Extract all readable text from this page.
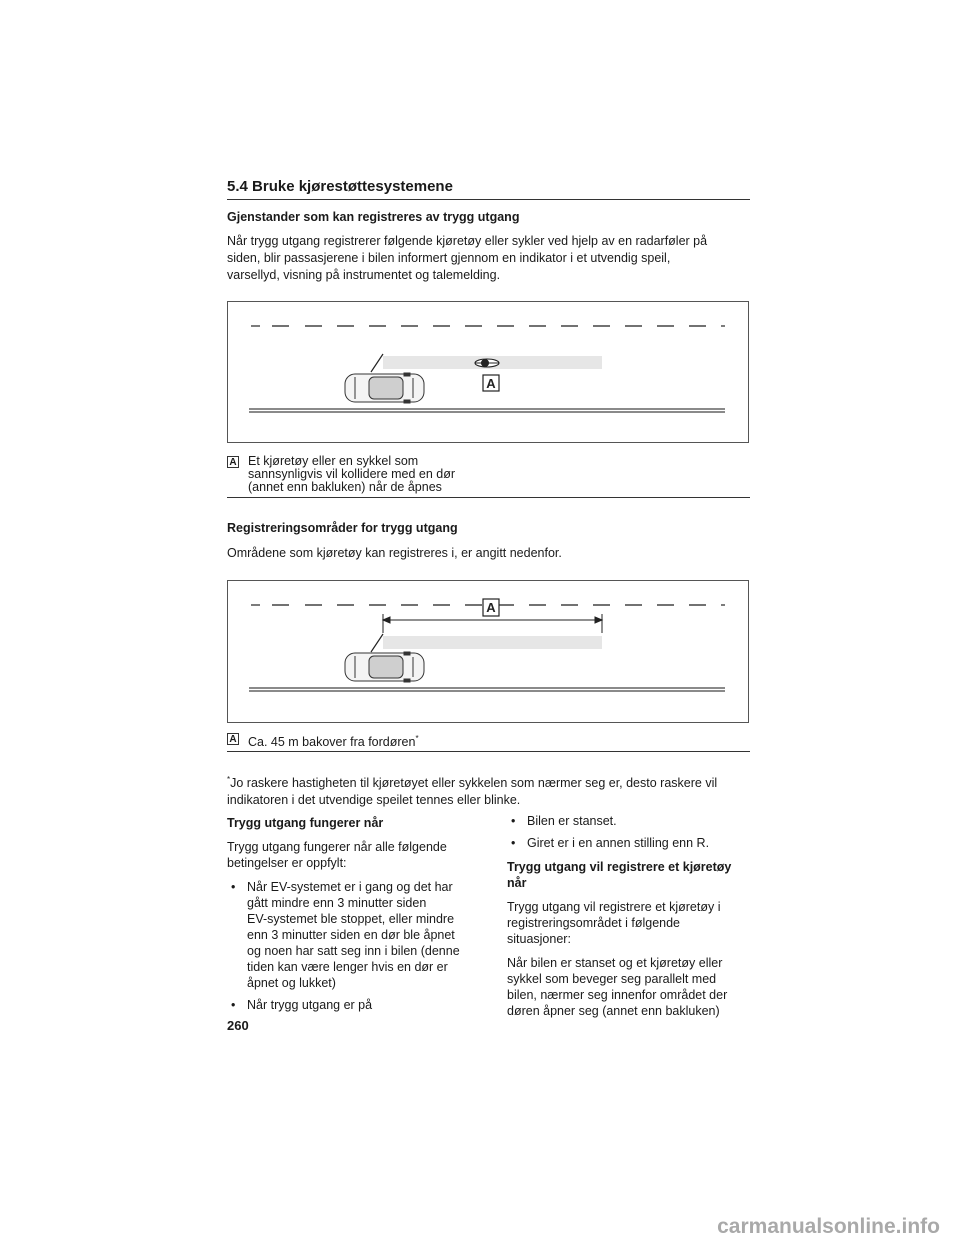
5.4 Bruke kjørestøttesystemene
Gjenstander som kan registreres av trygg utgang
Når trygg utgang registrerer følgende kjøretøy eller sykler ved hjelp av en radarføler på
siden, blir passasjerene i bilen informert gjennom en indikator i et utvendig speil,
varsellyd, visning på instrumentet og talemelding.
A
A Et kjøretøy eller en sykkel som
sannsynligvis vil kollidere med en dør
(annet enn bakluken) når de åpnes
Registreringsområder for trygg utgang
Områdene som kjøretøy kan registreres i, er angitt nedenfor.
A
A Ca. 45 m bakover fra fordøren*
*Jo raskere hastigheten til kjøretøyet eller sykkelen som nærmer seg er, desto raskere vil
indikatoren i det utvendige speilet tennes eller blinke.
Trygg utgang fungerer når
Trygg utgang fungerer når alle følgende
betingelser er oppfylt:
• Når EV-systemet er i gang og det har
gått mindre enn 3 minutter siden
EV-systemet ble stoppet, eller mindre
enn 3 minutter siden en dør ble åpnet
og noen har satt seg inn i bilen (denne
tiden kan være lenger hvis en dør er
åpnet og lukket)
• Når trygg utgang er på
• Bilen er stanset.
• Giret er i en annen stilling enn R.
Trygg utgang vil registrere et kjøretøy
når
Trygg utgang vil registrere et kjøretøy i
registreringsområdet i følgende
situasjoner:
Når bilen er stanset og et kjøretøy eller
sykkel som beveger seg parallelt med
bilen, nærmer seg innenfor området der
døren åpner seg (annet enn bakluken)
260
carmanualsonline.info
